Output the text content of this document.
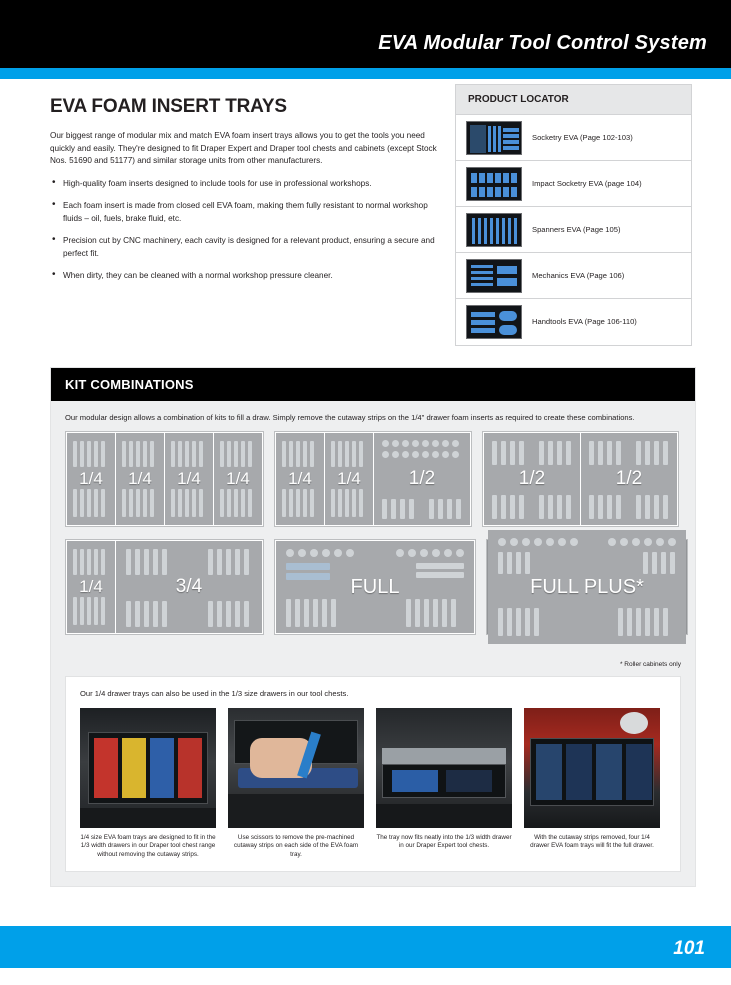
EVA Modular Tool Control System
EVA FOAM INSERT TRAYS

Our biggest range of modular mix and match EVA foam insert trays allows you to get the tools you need quickly and easily. They're designed to fit Draper Expert and Draper tool chests and cabinets (except Stock Nos. 51690 and 51177) and similar storage units from other manufacturers.

• High-quality foam inserts designed to include tools for use in professional workshops.
• Each foam insert is made from closed cell EVA foam, making them fully resistant to normal workshop fluids – oil, fuels, brake fluid, etc.
• Precision cut by CNC machinery, each cavity is designed for a relevant product, ensuring a secure and perfect fit.
• When dirty, they can be cleaned with a normal workshop pressure cleaner.
PRODUCT LOCATOR
Socketry EVA (Page 102-103)
Impact Socketry EVA (page 104)
Spanners EVA (Page 105)
Mechanics EVA (Page 106)
Handtools EVA (Page 106-110)
KIT COMBINATIONS
Our modular design allows a combination of kits to fill a draw. Simply remove the cutaway strips on the 1/4" drawer foam inserts as required to create these combinations.
1/4 1/4 1/4 1/4 1/4 1/4	1/2	1/2	1/2
1/4	3/4	FULL	FULL PLUS*
* Roller cabinets only
Our 1/4 drawer trays can also be used in the 1/3 size drawers in our tool chests.
1/4 size EVA foam trays are designed to fit in the 1/3 width drawers in our Draper tool chest range without removing the cutaway strips.
Use scissors to remove the pre-machined cutaway strips on each side of the EVA foam tray.
The tray now fits neatly into the 1/3 width drawer in our Draper Expert tool chests.
With the cutaway strips removed, four 1/4 drawer EVA foam trays will fit the full drawer.
101
